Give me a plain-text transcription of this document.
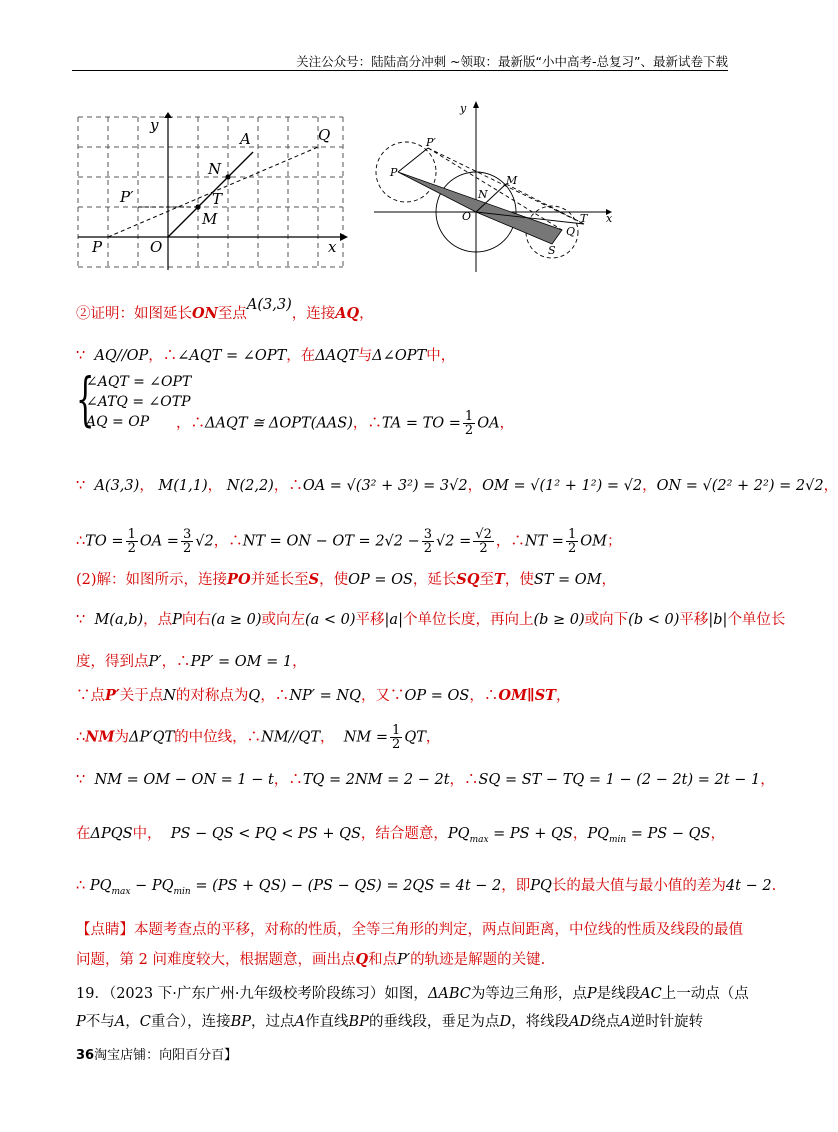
关注公众号：陆陆高分冲刺 ~领取：最新版“小中高考-总复习”、最新试卷下载
y
x
A	Q
N
P′	T
M
P	O
y
x
P′
P
M
N
O	T
Q
S
②证明：如图延长ON至点A(3,3)，连接AQ，
∵ AQ//OP，∴∠AQT = ∠OPT，在ΔAQT与Δ∠OPT中，
{
∠AQT = ∠OPT
∠ATQ = ∠OTP
AQ = OP	，∴ΔAQT ≅ ΔOPT(AAS)，∴TA = TO = $\frac{1}{2}$ OA，
∵ A(3,3)， M(1,1)， N(2,2)，∴OA = √(3² + 3²) = 3√2，OM = √(1² + 1²) = √2，ON = √(2² + 2²) = 2√2，
∴TO = $\frac{1}{2}$ OA = $\frac{3}{2} √2$，∴NT = ON − OT = $2√2 - \frac{3}{2} √2 = \frac{√2}{2}$ ，∴NT = $\frac{1}{2}$ OM；
(2)解：如图所示，连接PO并延长至S，使OP = OS，延长SQ至T，使ST = OM，
∵ M(a,b)，点P向右(a ≥ 0)或向左(a < 0)平移|a|个单位长度，再向上(b ≥ 0)或向下(b < 0)平移|b|个单位长
度，得到点P′，∴PP′ = OM = 1，
∵点P′关于点N的对称点为Q，∴NP′ = NQ，又∵OP = OS，∴OM∥ST，
∴NM为ΔP′QT的中位线，∴NM//QT， NM = $\frac{1}{2}$ QT，
∵ NM = OM − ON = 1 − t，∴TQ = 2NM = 2 − 2t，∴SQ = ST − TQ = 1 − (2 − 2t) = 2t − 1，
在ΔPQS中， PS − QS < PQ < PS + QS，结合题意，$PQ_{max}$ = PS + QS，$PQ_{min}$ = PS − QS，
∴ $PQ_{max} - PQ_{min} = (PS + QS) - (PS - QS) = 2QS = 4t - 2$，即PQ长的最大值与最小值的差为4t − 2.
【点睛】本题考查点的平移，对称的性质，全等三角形的判定，两点间距离，中位线的性质及线段的最值
问题，第 2 问难度较大，根据题意，画出点Q和点P′的轨迹是解题的关键.
19．（2023 下·广东广州·九年级校考阶段练习）如图，ΔABC为等边三角形，点P是线段AC上一动点（点
P不与A，C重合），连接BP，过点A作直线BP的垂线段，垂足为点D，将线段AD绕点A逆时针旋转
36淘宝店铺：向阳百分百】
